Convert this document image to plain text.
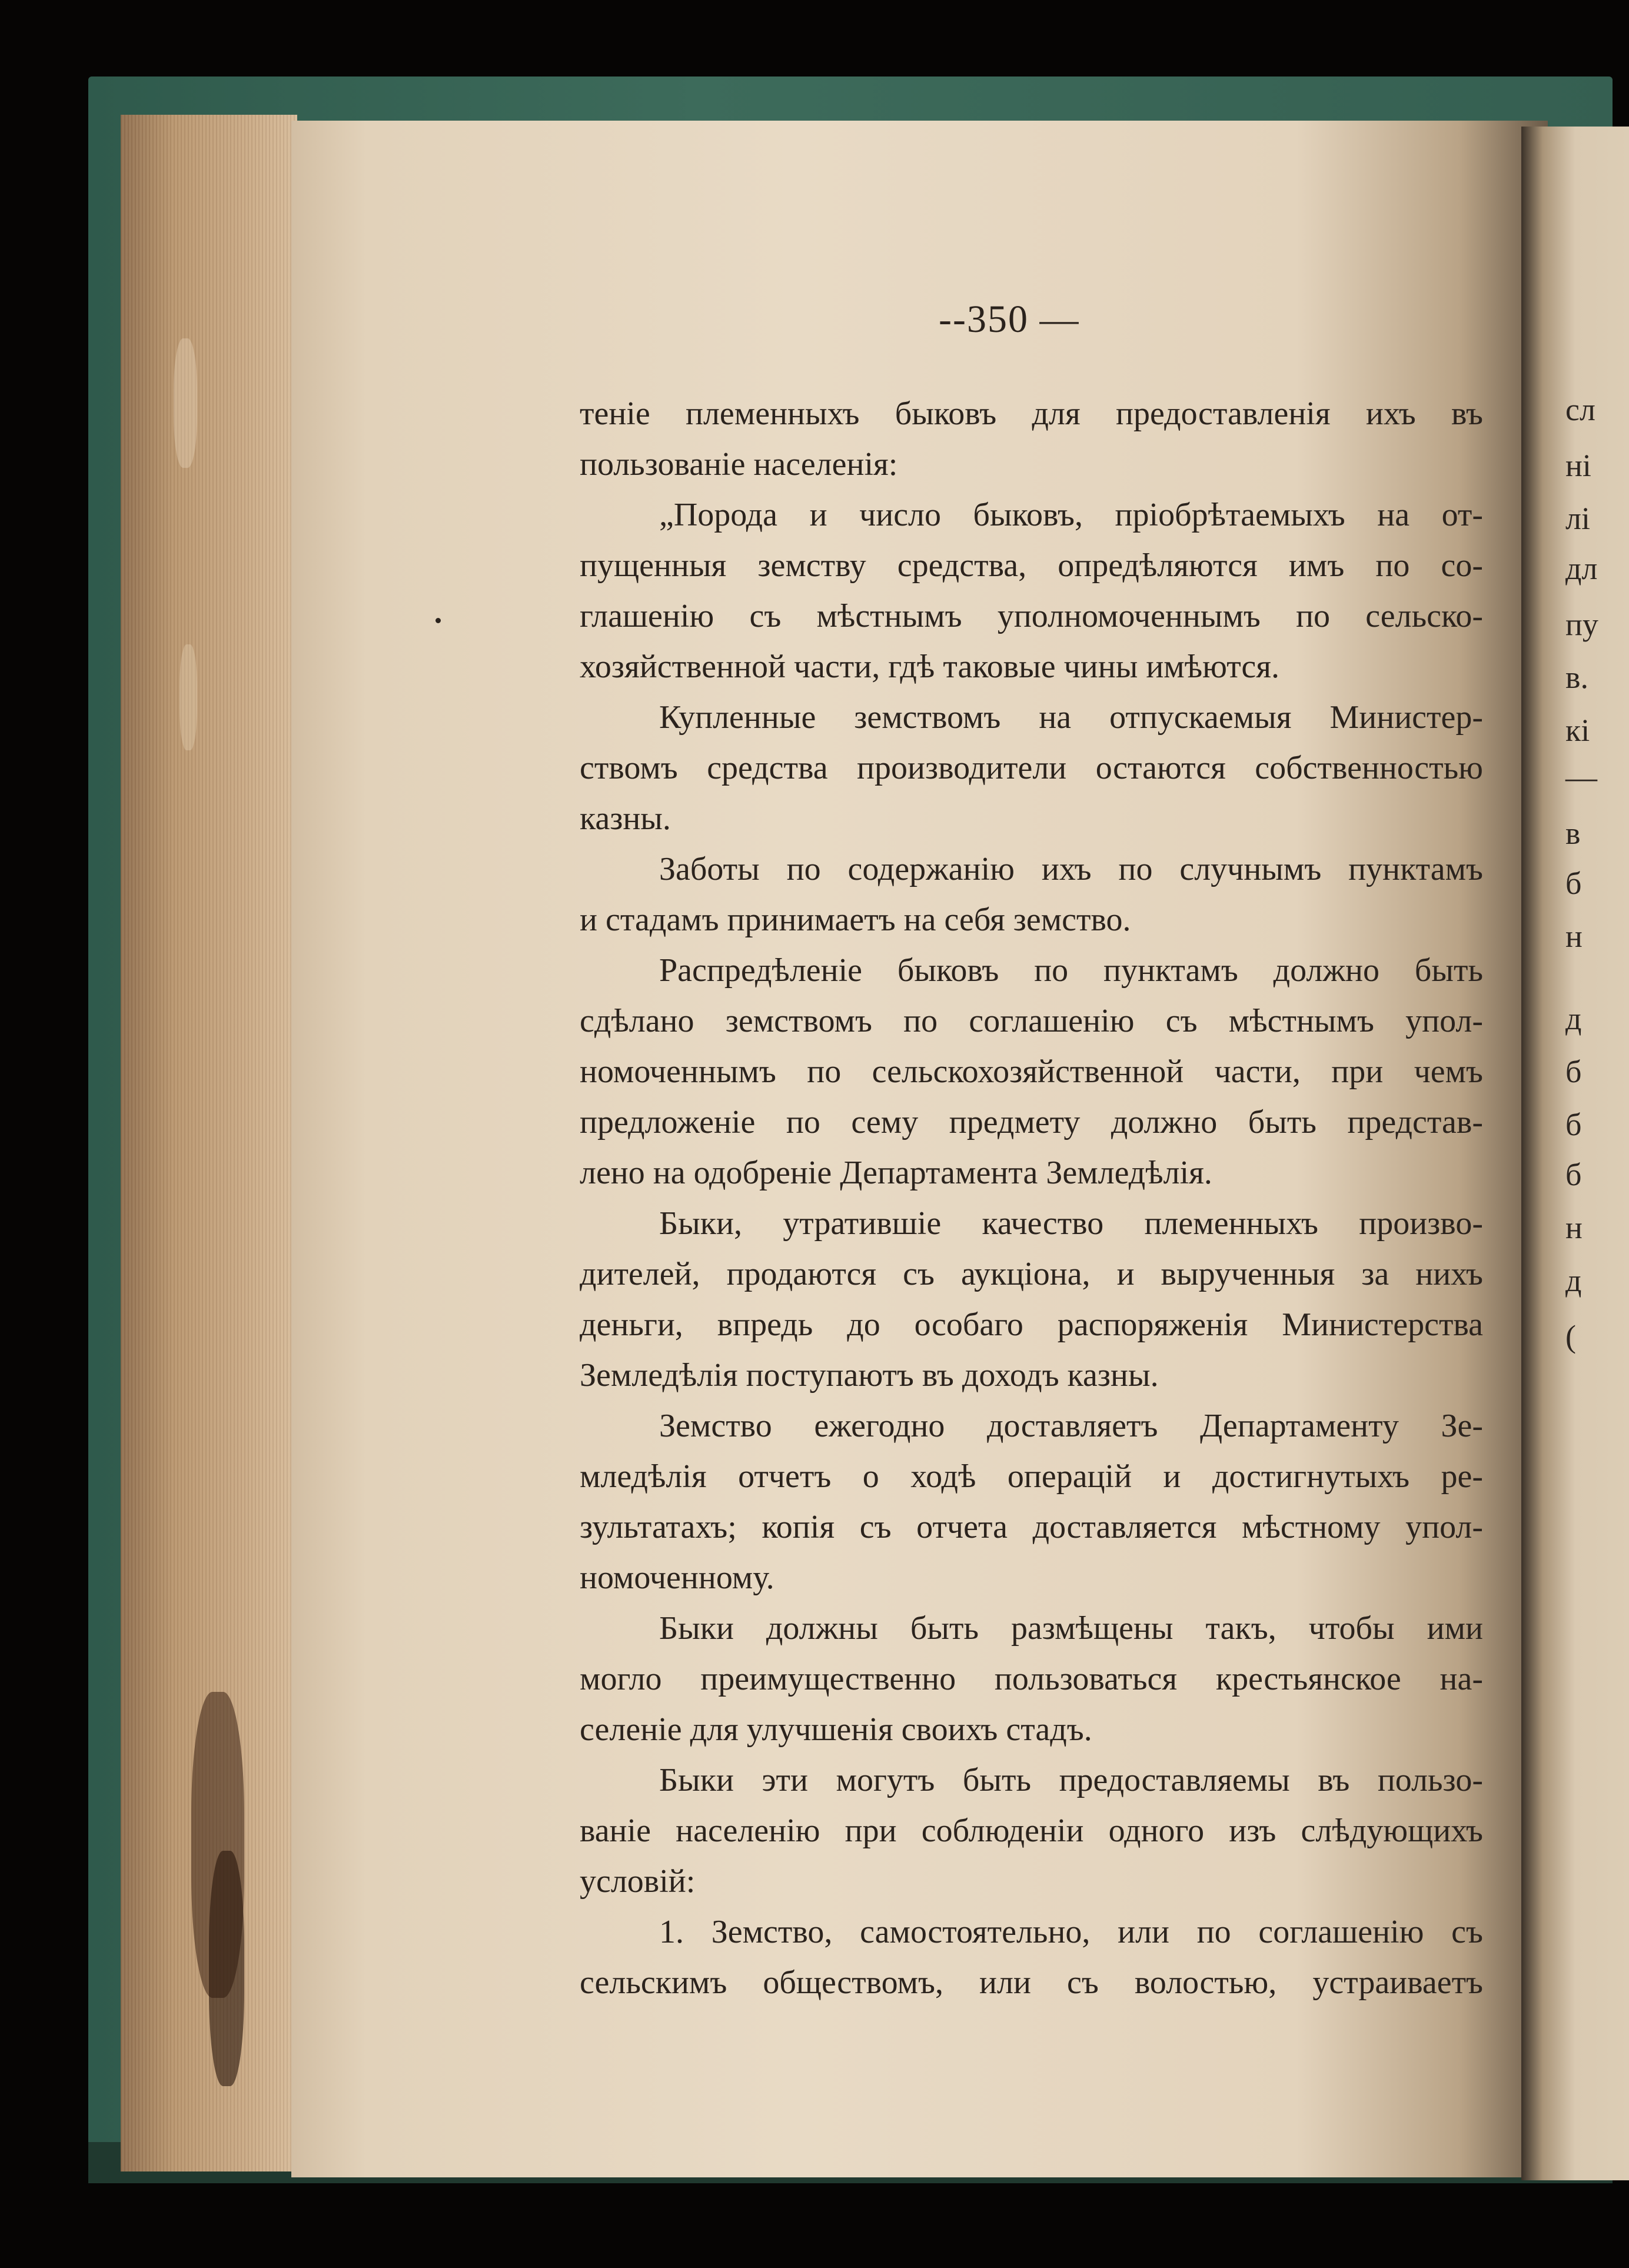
сл
ні
лі
дл
пу
в.
кі
—
в
б
н
д
б
б
б
н
д
(
--350 —
теніе племенныхъ быковъ для предоставленія ихъ въ
пользованіе населенія:
„Порода и число быковъ, пріобрѣтаемыхъ на от-
пущенныя земству средства, опредѣляются имъ по со-
глашенію съ мѣстнымъ уполномоченнымъ по сельско-
хозяйственной части, гдѣ таковые чины имѣются.
Купленные земствомъ на отпускаемыя Министер-
ствомъ средства производители остаются собственностью
казны.
Заботы по содержанію ихъ по случнымъ пунктамъ
и стадамъ принимаетъ на себя земство.
Распредѣленіе быковъ по пунктамъ должно быть
сдѣлано земствомъ по соглашенію съ мѣстнымъ упол-
номоченнымъ по сельскохозяйственной части, при чемъ
предложеніе по сему предмету должно быть представ-
лено на одобреніе Департамента Земледѣлія.
Быки, утратившіе качество племенныхъ произво-
дителей, продаются съ аукціона, и вырученныя за нихъ
деньги, впредь до особаго распоряженія Министерства
Земледѣлія поступаютъ въ доходъ казны.
Земство ежегодно доставляетъ Департаменту Зе-
мледѣлія отчетъ о ходѣ операцій и достигнутыхъ ре-
зультатахъ; копія съ отчета доставляется мѣстному упол-
номоченному.
Быки должны быть размѣщены такъ, чтобы ими
могло преимущественно пользоваться крестьянское на-
селеніе для улучшенія своихъ стадъ.
Быки эти могутъ быть предоставляемы въ пользо-
ваніе населенію при соблюденіи одного изъ слѣдующихъ
условій:
1. Земство, самостоятельно, или по соглашенію съ
сельскимъ обществомъ, или съ волостью, устраиваетъ
